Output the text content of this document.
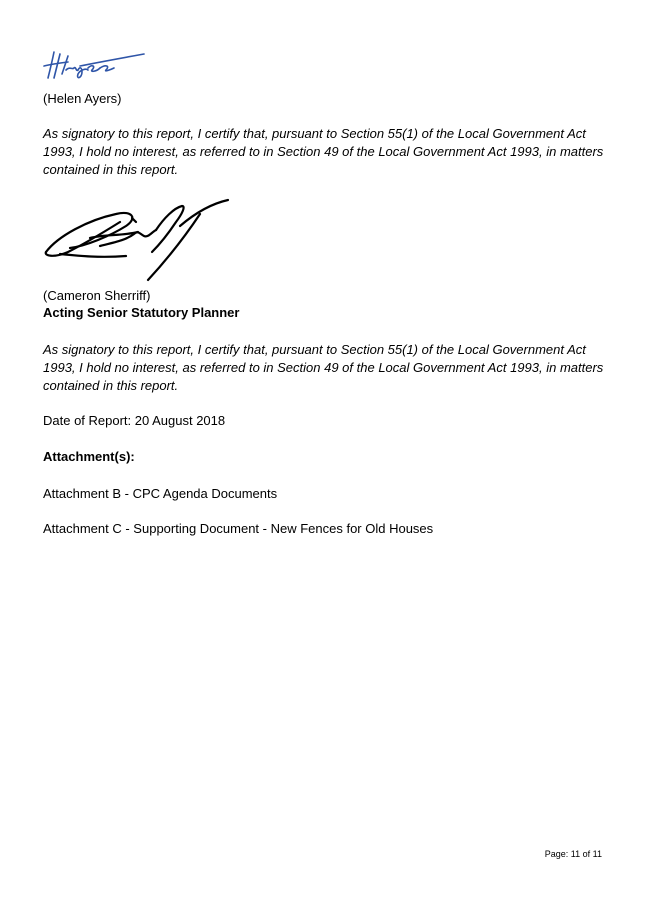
(Helen Ayers)
As signatory to this report, I certify that, pursuant to Section 55(1) of the Local Government Act 1993, I hold no interest, as referred to in Section 49 of the Local Government Act 1993, in matters contained in this report.
(Cameron Sherriff)
Acting Senior Statutory Planner
As signatory to this report, I certify that, pursuant to Section 55(1) of the Local Government Act 1993, I hold no interest, as referred to in Section 49 of the Local Government Act 1993, in matters contained in this report.
Date of Report: 20 August 2018
Attachment(s):
Attachment B - CPC Agenda Documents
Attachment C - Supporting Document - New Fences for Old Houses
Page: 11 of 11
